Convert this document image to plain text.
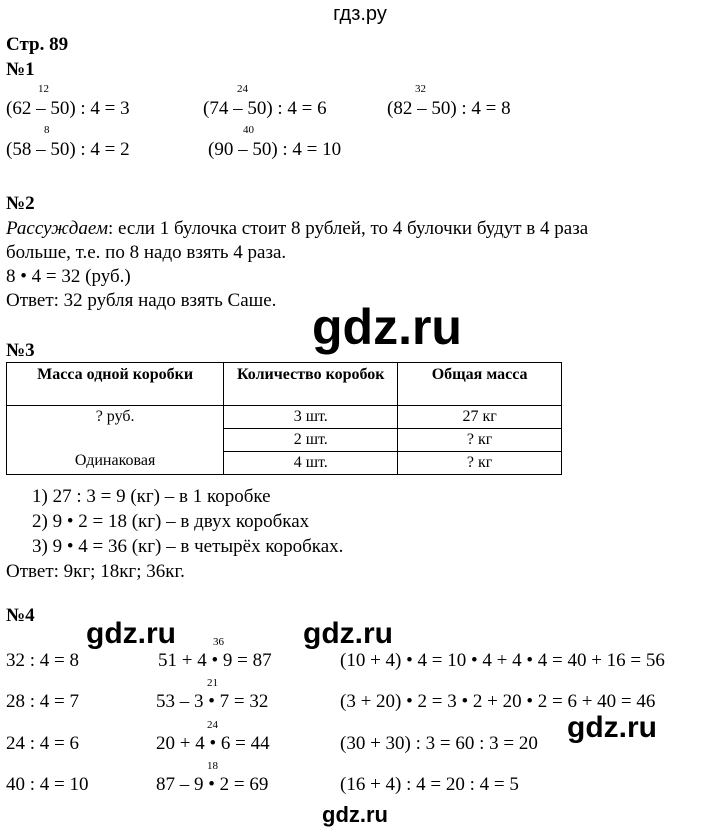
гдз.ру
Стр. 89
№1
12
(62 – 50) : 4 = 3
24
(74 – 50) : 4 = 6
32
(82 – 50) : 4 = 8
8
(58 – 50) : 4 = 2
40
(90 – 50) : 4 = 10
№2
Рассуждаем: если 1 булочка стоит 8 рублей, то 4 булочки будут в 4 раза
больше, т.е. по 8 надо взять 4 раза.
8 • 4 = 32 (руб.)
Ответ: 32 рубля надо взять Саше. gdz.ru
№3
Масса одной коробки	Количество коробок	Общая масса

? руб.
Одинаковая	3 шт.	27 кг
	2 шт.	? кг
	4 шт.	? кг
1) 27 : 3 = 9 (кг) – в 1 коробке
2) 9 • 2 = 18 (кг) – в двух коробках
3) 9 • 4 = 36 (кг) – в четырёх коробках.
Ответ: 9кг; 18кг; 36кг.
№4
gdz.ru	gdz.ru
32 : 4 = 8
28 : 4 = 7
24 : 4 = 6
40 : 4 = 10
36
51 + 4 • 9 = 87
21
53 – 3 • 7 = 32
24
20 + 4 • 6 = 44
18
87 – 9 • 2 = 69
(10 + 4) • 4 = 10 • 4 + 4 • 4 = 40 + 16 = 56
(3 + 20) • 2 = 3 • 2 + 20 • 2 = 6 + 40 = 46
gdz.ru
(30 + 30) : 3 = 60 : 3 = 20
(16 + 4) : 4 = 20 : 4 = 5
gdz.ru
